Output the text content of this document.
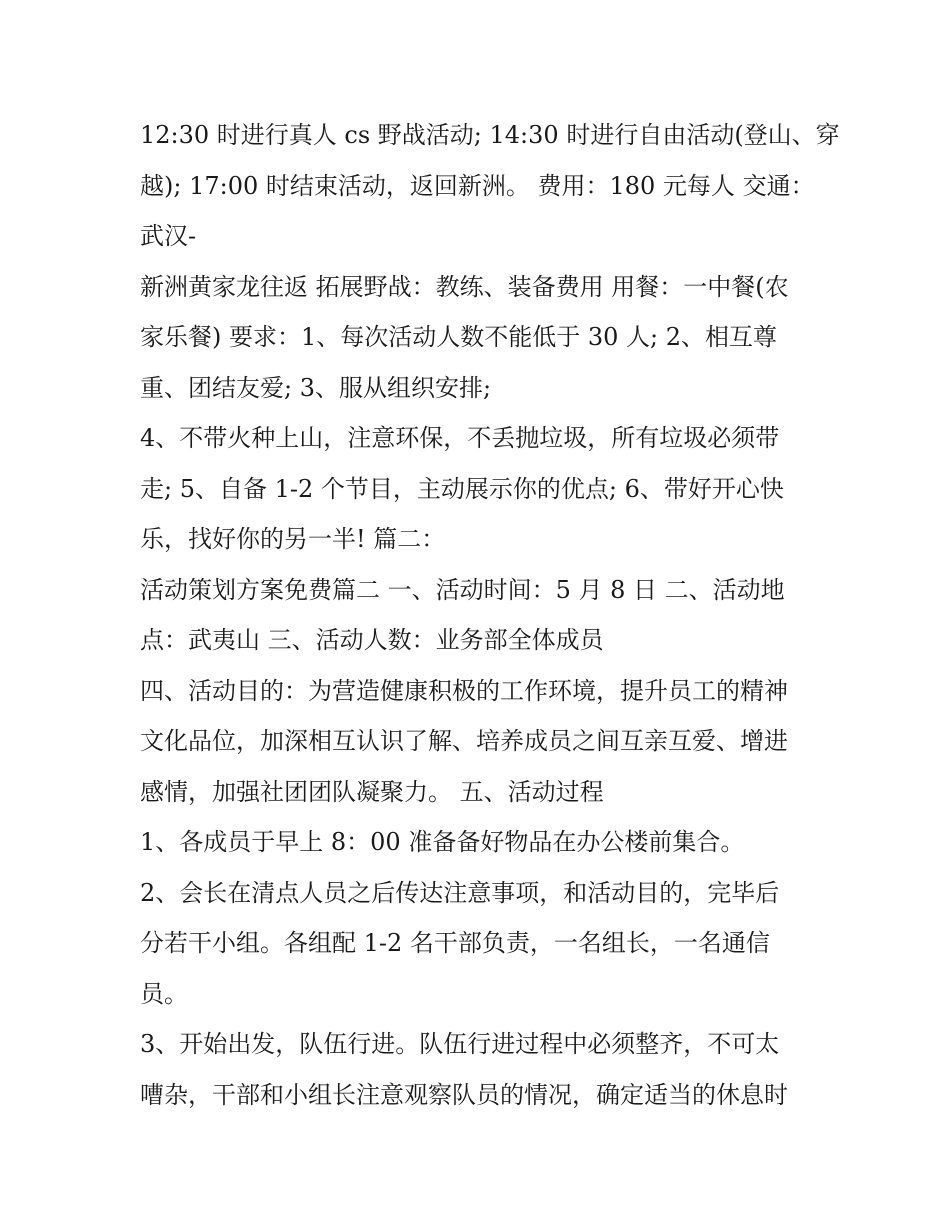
12:30 时进行真人 cs 野战活动; 14:30 时进行自由活动(登山、穿
越); 17:00 时结束活动，返回新洲。 费用：180 元每人 交通：
武汉-
新洲黄家龙往返 拓展野战：教练、装备费用 用餐：一中餐(农
家乐餐) 要求：1、每次活动人数不能低于 30 人; 2、相互尊
重、团结友爱; 3、服从组织安排;
4、不带火种上山，注意环保，不丢抛垃圾，所有垃圾必须带
走; 5、自备 1-2 个节目，主动展示你的优点; 6、带好开心快
乐，找好你的另一半! 篇二：
活动策划方案免费篇二 一、活动时间：5 月 8 日 二、活动地
点：武夷山 三、活动人数：业务部全体成员
四、活动目的：为营造健康积极的工作环境，提升员工的精神
文化品位，加深相互认识了解、培养成员之间互亲互爱、增进
感情，加强社团团队凝聚力。 五、活动过程
1、各成员于早上 8：00 准备备好物品在办公楼前集合。
2、会长在清点人员之后传达注意事项，和活动目的，完毕后
分若干小组。各组配 1-2 名干部负责，一名组长，一名通信
员。
3、开始出发，队伍行进。队伍行进过程中必须整齐，不可太
嘈杂，干部和小组长注意观察队员的情况，确定适当的休息时
